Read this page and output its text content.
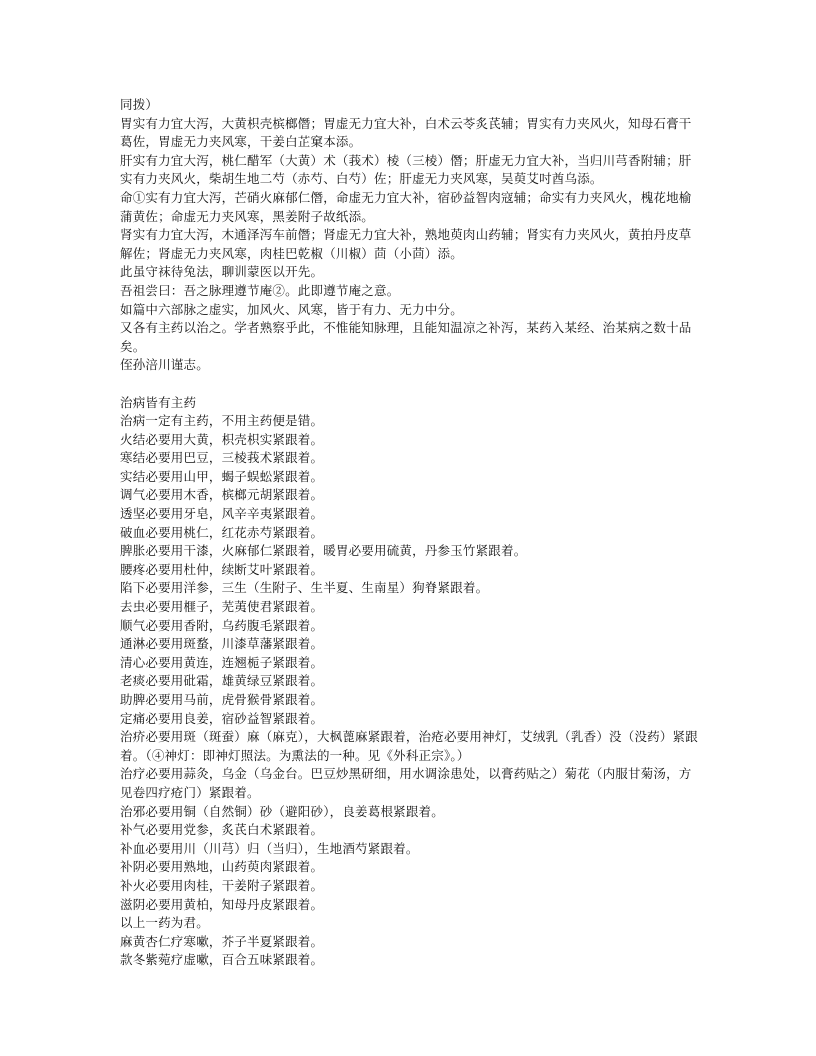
同拨）

胃实有力宜大泻，大黄枳壳槟榔僭；胃虚无力宜大补，白术云苓炙芪辅；胃实有力夹风火，知母石膏干葛佐，胃虚无力夹风寒，干姜白芷窠本添。

肝实有力宜大泻，桃仁醋军（大黄）术（莪术）棱（三棱）僭；肝虚无力宜大补，当归川芎香附辅；肝实有力夹风火，柴胡生地二芍（赤芍、白芍）佐；肝虚无力夹风寒，吴萸艾吋酋乌添。

命①实有力宜大泻，芒硝火麻郁仁僭，命虚无力宜大补，宿砂益智肉寇辅；命实有力夹风火，槐花地榆蒲黄佐；命虚无力夹风寒，黑姜附子故纸添。

肾实有力宜大泻，木通泽泻车前僭；肾虚无力宜大补，熟地萸肉山药辅；肾实有力夹风火，黄拍丹皮草解佐；肾虚无力夹风寒，肉桂巴乾椒（川椒）茴（小茴）添。

此虽守袜待兔法，聊训蒙医以开先。

吾祖尝曰：吾之脉理遵节庵②。此即遵节庵之意。

如篇中六部脉之虚实，加风火、风寒，皆于有力、无力中分。

又各有主药以治之。学者熟察乎此，不惟能知脉理，且能知温凉之补泻，某药入某经、治某病之数十品矣。

侄孙涪川谨志。

治病皆有主药

治病一定有主药，不用主药便是错。

火结必要用大黄，枳壳枳实紧跟着。

寒结必要用巴豆，三棱莪术紧跟着。

实结必要用山甲，蝎子蜈蚣紧跟着。

调气必要用木香，槟榔元胡紧跟着。

透坚必要用牙皂，风辛辛夷紧跟着。

破血必要用桃仁，红花赤芍紧跟着。

脾胀必要用干漆，火麻郁仁紧跟着，暖胃必要用硫黄，丹参玉竹紧跟着。

腰疼必要用杜仲，续断艾叶紧跟着。

陷下必要用洋参，三生（生附子、生半夏、生南星）狗脊紧跟着。

去虫必要用榧子，芜荑使君紧跟着。

顺气必要用香附，乌药腹毛紧跟着。

通淋必要用斑蝥，川漆草藩紧跟着。

清心必要用黄连，连翘栀子紧跟着。

老痰必要用砒霜，雄黄绿豆紧跟着。

助脾必要用马前，虎骨猴骨紧跟着。

定痛必要用良姜，宿砂益智紧跟着。

治疥必要用斑（斑蚕）麻（麻克），大枫蓖麻紧跟着，治疮必要用神灯，艾绒乳（乳香）没（没药）紧跟着。（④神灯：即神灯照法。为熏法的一种。见《外科正宗》。）

治疗必要用蒜灸，乌金（乌金台。巴豆炒黑研细，用水调涂患处，以膏药贴之）菊花（内服甘菊汤，方见卷四疗疮门）紧跟着。

治邪必要用铜（自然铜）砂（避阳砂），良姜葛根紧跟着。

补气必要用党参，炙芪白术紧跟着。

补血必要用川（川芎）归（当归），生地酒芍紧跟着。

补阴必要用熟地，山药萸肉紧跟着。

补火必要用肉桂，干姜附子紧跟着。

滋阴必要用黄柏，知母丹皮紧跟着。

以上一药为君。

麻黄杏仁疗寒嗽，芥子半夏紧跟着。

款冬紫菀疗虚嗽，百合五味紧跟着。
